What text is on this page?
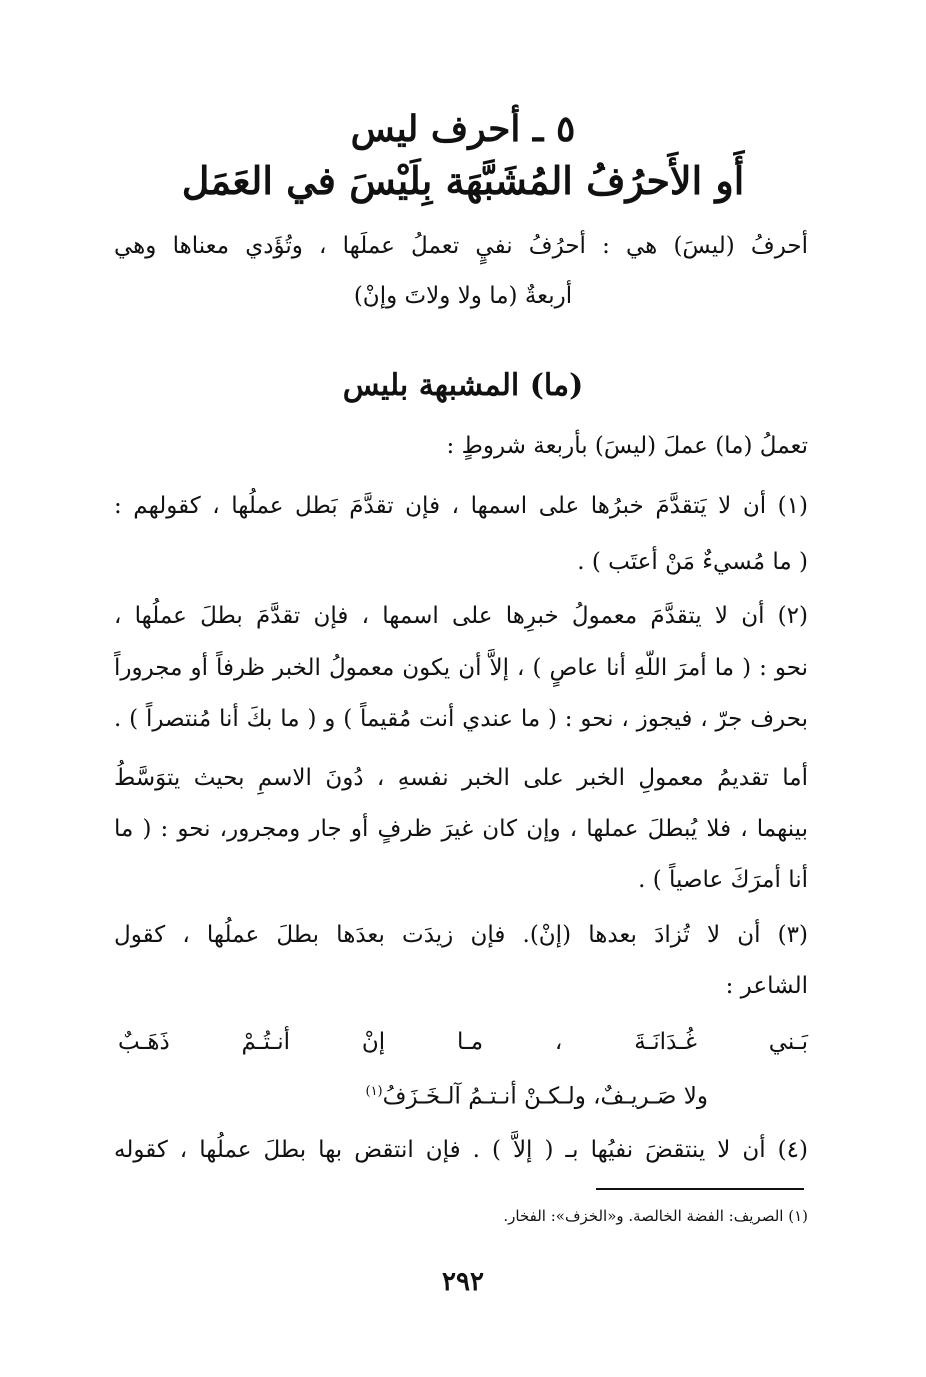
٥ ـ أحرف ليس
أَو الأَحرُفُ المُشَبَّهَة بِلَيْسَ في العَمَل
أحرفُ (ليسَ) هي : أحرُفُ نفيٍ تعملُ عملَها ، وتُؤَدي معناها وهي
أربعةٌ (ما ولا ولاتَ وإنْ)
(ما) المشبهة بليس
تعملُ (ما) عملَ (ليسَ) بأربعة شروطٍ :
(١) أن لا يَتقدَّمَ خبرُها على اسمها ، فإن تقدَّمَ بَطل عملُها ، كقولهم :
( ما مُسيءٌ مَنْ أعتَب ) .
(٢) أن لا يتقدَّمَ معمولُ خبرِها على اسمها ، فإن تقدَّمَ بطلَ عملُها ،
نحو : ( ما أمرَ اللّهِ أنا عاصٍ ) ، إلاَّ أن يكون معمولُ الخبر ظرفاً أو مجروراً
بحرف جرّ ، فيجوز ، نحو : ( ما عندي أنت مُقيماً ) و ( ما بكَ أنا مُنتصراً ) .
أما تقديمُ معمولِ الخبر على الخبر نفسهِ ، دُونَ الاسمِ بحيث يتوَسَّطُ
بينهما ، فلا يُبطلَ عملها ، وإن كان غيرَ ظرفٍ أو جار ومجرور، نحو : ( ما
أنا أمرَكَ عاصياً ) .
(٣) أن لا تُزادَ بعدها (إنْ). فإن زيدَت بعدَها بطلَ عملُها ، كقول
الشاعر :
بَـني غُـدَانَـةَ ، مـا إنْ أنـتُـمْ ذَهَـبٌ
ولا صَـريـفٌ، ولـكـنْ أنـتـمُ آلـخَـزَفُ$^{(١)}$
(٤) أن لا ينتقضَ نفيُها بـ ( إلاَّ ) . فإن انتقض بها بطلَ عملُها ، كقوله
(١) الصريف: الفضة الخالصة. و«الخزف»: الفخار.
٢٩٢
